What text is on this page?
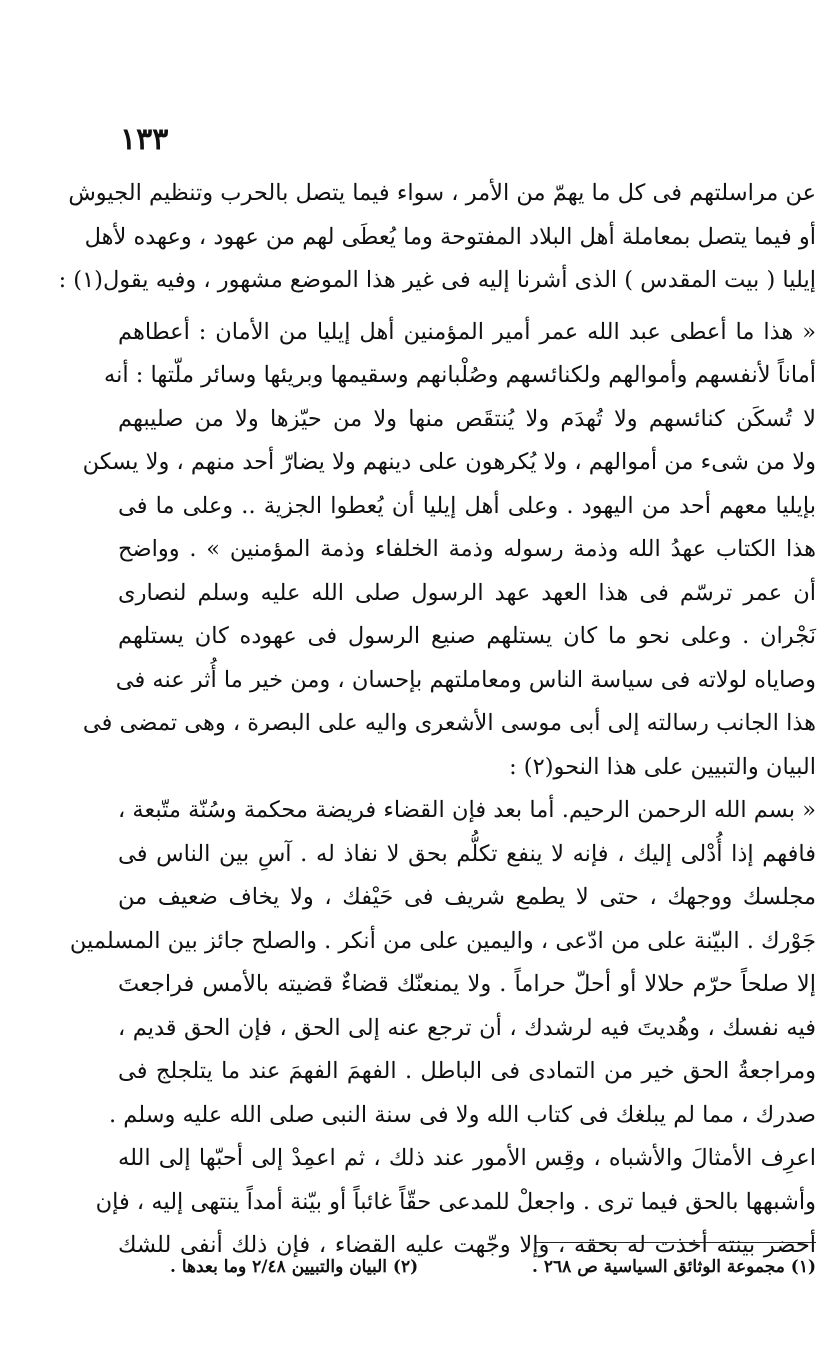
١٣٣
عن مراسلتهم فى كل ما يهمّ من الأمر ، سواء فيما يتصل بالحرب وتنظيم الجيوش
أو فيما يتصل بمعاملة أهل البلاد المفتوحة وما يُعطَى لهم من عهود ، وعهده لأهل
إيليا ( بيت المقدس ) الذى أشرنا إليه فى غير هذا الموضع مشهور ، وفيه يقول(١) :
« هذا ما أعطى عبد الله عمر أمير المؤمنين أهل إيليا من الأمان : أعطاهم
أماناً لأنفسهم وأموالهم ولكنائسهم وصُلْبانهم وسقيمها وبريئها وسائر ملّتها : أنه
لا تُسكَن كنائسهم ولا تُهدَم ولا يُنتقَص منها ولا من حيّزها ولا من صليبهم
ولا من شىء من أموالهم ، ولا يُكرهون على دينهم ولا يضارّ أحد منهم ، ولا يسكن
بإيليا معهم أحد من اليهود . وعلى أهل إيليا أن يُعطوا الجزية .. وعلى ما فى
هذا الكتاب عهدُ الله وذمة رسوله وذمة الخلفاء وذمة المؤمنين » . وواضح
أن عمر ترسّم فى هذا العهد عهد الرسول صلى الله عليه وسلم لنصارى
نَجْران . وعلى نحو ما كان يستلهم صنيع الرسول فى عهوده كان يستلهم
وصاياه لولاته فى سياسة الناس ومعاملتهم بإحسان ، ومن خير ما أُثر عنه فى
هذا الجانب رسالته إلى أبى موسى الأشعرى واليه على البصرة ، وهى تمضى فى
البيان والتبيين على هذا النحو(٢) :
« بسم الله الرحمن الرحيم. أما بعد فإن القضاء فريضة محكمة وسُنّة متّبعة ،
فافهم إذا أُدْلى إليك ، فإنه لا ينفع تكلُّم بحق لا نفاذ له . آسِ بين الناس فى
مجلسك ووجهك ، حتى لا يطمع شريف فى حَيْفك ، ولا يخاف ضعيف من
جَوْرك . البيّنة على من ادّعى ، واليمين على من أنكر . والصلح جائز بين المسلمين
إلا صلحاً حرّم حلالا أو أحلّ حراماً . ولا يمنعنّك قضاءٌ قضيته بالأمس فراجعتَ
فيه نفسك ، وهُديتَ فيه لرشدك ، أن ترجع عنه إلى الحق ، فإن الحق قديم ،
ومراجعةُ الحق خير من التمادى فى الباطل . الفهمَ الفهمَ عند ما يتلجلج فى
صدرك ، مما لم يبلغك فى كتاب الله ولا فى سنة النبى صلى الله عليه وسلم .
اعرِف الأمثالَ والأشباه ، وقِس الأمور عند ذلك ، ثم اعمِدْ إلى أحبّها إلى الله
وأشبهها بالحق فيما ترى . واجعلْ للمدعى حقّاً غائباً أو بيّنة أمداً ينتهى إليه ، فإن
أحضر بينته أخذت له بحقه ، وإلا وجّهت عليه القضاء ، فإن ذلك أنفى للشك
(١) مجموعة الوثائق السياسية ص ٢٦٨ .
(٢) البيان والتبيين ٢/٤٨ وما بعدها .
